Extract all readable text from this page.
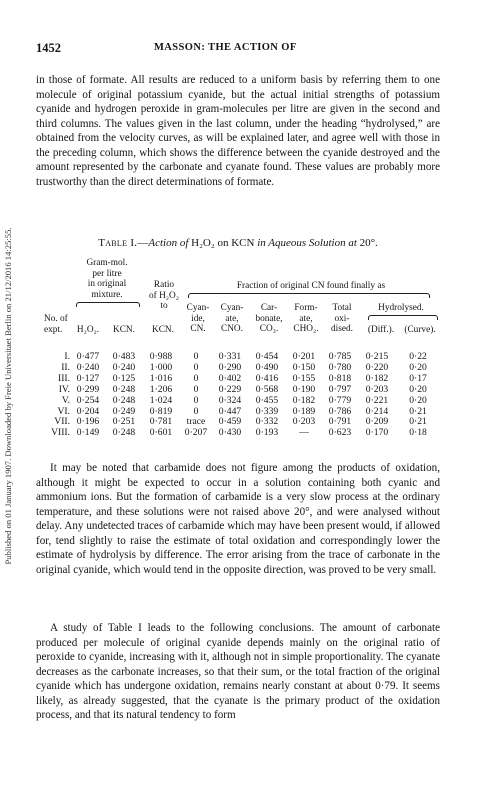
Published on 01 January 1907. Downloaded by Freie Universitaet Berlin on 21/12/2016 14:25:55.
1452	MASSON: THE ACTION OF

in those of formate. All results are reduced to a uniform basis by referring them to one molecule of original potassium cyanide, but the actual initial strengths of potassium cyanide and hydrogen peroxide in gram-molecules per litre are given in the second and third columns. The values given in the last column, under the heading “hydrolysed,” are obtained from the velocity curves, as will be explained later, and agree well with those in the preceding column, which shows the difference between the cyanide destroyed and the amount represented by the carbonate and cyanate found. These values are probably more trustworthy than the direct determinations of formate.

Table I.—Action of H₂O₂ on KCN in Aqueous Solution at 20°.
Gram-mol.
per litre
in original
mixture.
Ratio
of H₂O₂
to
Fraction of original CN found finally as
No. of
expt.	H₂O₂.	KCN.	KCN.
Cyan-
ide,
CN.
Cyan-
ate,
CNO.
Car-
bonate,
CO₃.
Form-
ate,
CHO₂.
Total
oxi-
dised.
Hydrolysed.
(Diff.).	(Curve).
I.	0·477	0·483	0·988	0	0·331	0·454	0·201	0·785	0·215	0·22
II.	0·240	0·240	1·000	0	0·290	0·490	0·150	0·780	0·220	0·20
III.	0·127	0·125	1·016	0	0·402	0·416	0·155	0·818	0·182	0·17
IV.	0·299	0·248	1·206	0	0·229	0·568	0·190	0·797	0·203	0·20
V.	0·254	0·248	1·024	0	0·324	0·455	0·182	0·779	0·221	0·20
VI.	0·204	0·249	0·819	0	0·447	0·339	0·189	0·786	0·214	0·21
VII.	0·196	0·251	0·781	trace	0·459	0·332	0·203	0·791	0·209	0·21
VIII.	0·149	0·248	0·601	0·207	0·430	0·193	—	0·623	0·170	0·18

It may be noted that carbamide does not figure among the products of oxidation, although it might be expected to occur in a solution containing both cyanic and ammonium ions. But the formation of carbamide is a very slow process at the ordinary temperature, and these solutions were not raised above 20°, and were analysed without delay. Any undetected traces of carbamide which may have been present would, if allowed for, tend slightly to raise the estimate of total oxidation and correspondingly lower the estimate of hydrolysis by difference. The error arising from the trace of carbonate in the original cyanide, which would tend in the opposite direction, was proved to be very small.

A study of Table I leads to the following conclusions. The amount of carbonate produced per molecule of original cyanide depends mainly on the original ratio of peroxide to cyanide, increasing with it, although not in simple proportionality. The cyanate decreases as the carbonate increases, so that their sum, or the total fraction of the original cyanide which has undergone oxidation, remains nearly constant at about 0·79. It seems likely, as already suggested, that the cyanate is the primary product of the oxidation process, and that its natural tendency to form
